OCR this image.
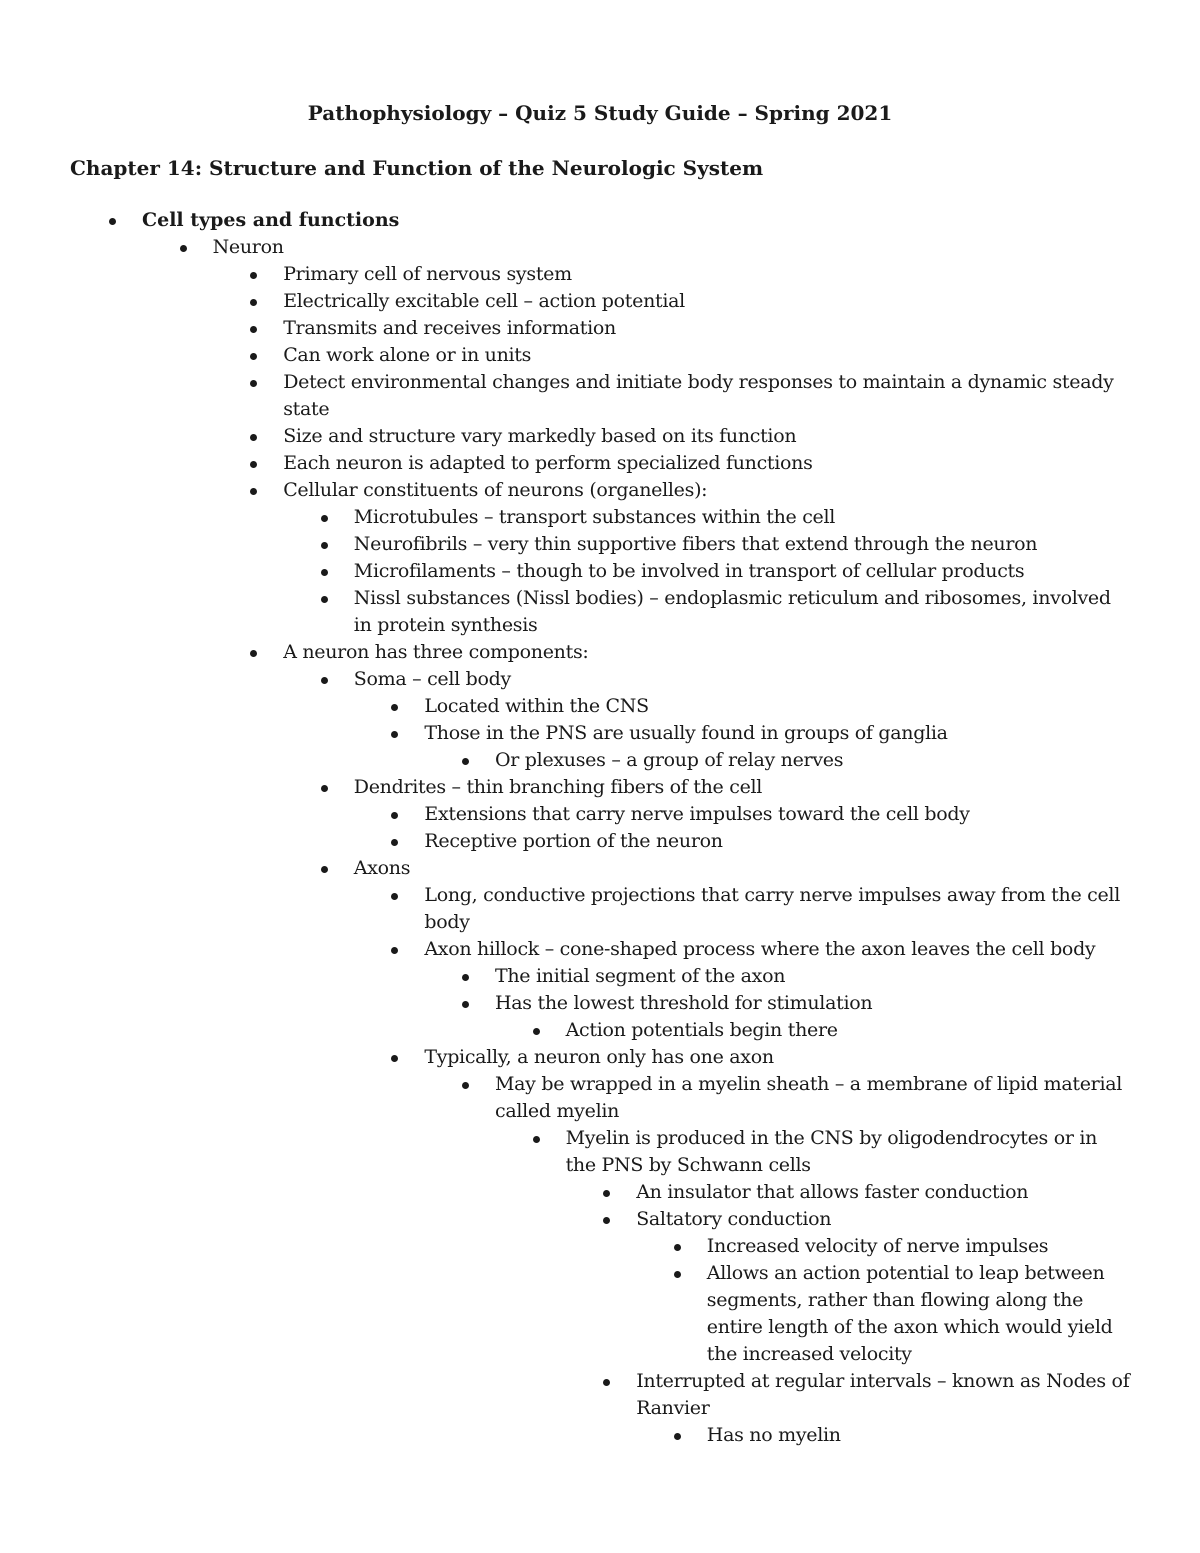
Pathophysiology – Quiz 5 Study Guide – Spring 2021
Chapter 14: Structure and Function of the Neurologic System
Cell types and functions
Neuron
Primary cell of nervous system
Electrically excitable cell – action potential
Transmits and receives information
Can work alone or in units
Detect environmental changes and initiate body responses to maintain a dynamic steady
state
Size and structure vary markedly based on its function
Each neuron is adapted to perform specialized functions
Cellular constituents of neurons (organelles):
Microtubules – transport substances within the cell
Neurofibrils – very thin supportive fibers that extend through the neuron
Microfilaments – though to be involved in transport of cellular products
Nissl substances (Nissl bodies) – endoplasmic reticulum and ribosomes, involved
in protein synthesis
A neuron has three components:
Soma – cell body
Located within the CNS
Those in the PNS are usually found in groups of ganglia
Or plexuses – a group of relay nerves
Dendrites – thin branching fibers of the cell
Extensions that carry nerve impulses toward the cell body
Receptive portion of the neuron
Axons
Long, conductive projections that carry nerve impulses away from the cell
body
Axon hillock – cone-shaped process where the axon leaves the cell body
The initial segment of the axon
Has the lowest threshold for stimulation
Action potentials begin there
Typically, a neuron only has one axon
May be wrapped in a myelin sheath – a membrane of lipid material
called myelin
Myelin is produced in the CNS by oligodendrocytes or in
the PNS by Schwann cells
An insulator that allows faster conduction
Saltatory conduction
Increased velocity of nerve impulses
Allows an action potential to leap between
segments, rather than flowing along the
entire length of the axon which would yield
the increased velocity
Interrupted at regular intervals – known as Nodes of
Ranvier
Has no myelin
